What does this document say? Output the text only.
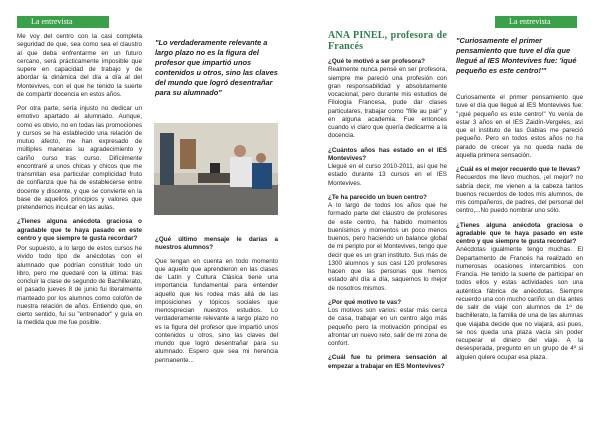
La entrevista	La entrevista

Me voy del centro con la casi completa seguridad de que, sea como sea el claustro al que deba enfrentarme en un futuro cercano, será prácticamente imposible que supere en capacidad de trabajo y de abordar la dinámica del día a día al del Montevives, con el que he tenido la suerte de compartir docencia en estos años.

Por otra parte, sería injusto no dedicar un emotivo apartado al alumnado. Aunque, como es obvio, no en todas las promociones y cursos se ha establecido una relación de mutuo afecto, me han expresado de múltiples maneras su agradecimiento y cariño curso tras curso. Difícilmente encontraré a unos chicas y chicos que me transmitan esa particular complicidad fruto de confianza que ha de establecerse entre docente y discente, y que se convierte en la base de aquellos principios y valores que pretendemos inculcar en las aulas.

¿Tienes alguna anécdota graciosa o agradable que te haya pasado en este centro y que siempre te gusta recordar?

Por supuesto, a lo largo de estos cursos he vivido todo tipo de anécdotas con el alumnado que podrían constituir todo un libro, pero me quedaré con la última: tras concluir la clase de segundo de Bachillerato, el pasado jueves 8 de junio fui literalmente manteado por los alumnos como colofón de nuestra relación de años. Entiendo que, en cierto sentido, fui su "entrenador" y guía en la medida que me fue posible.

"Lo verdaderamente relevante a largo plazo no es la figura del profesor que impartió unos contenidos u otros, sino las claves del mundo que logró desentrañar para su alumnado"

¿Qué último mensaje le darías a nuestros alumnos?

Que tengan en cuenta en todo momento que aquello que aprendieron en las clases de Latín y Cultura Clásica tiene una importancia fundamental para entender aquello que les rodea más allá de las imposiciones y tópicos sociales que menosprecian nuestros estudios. Lo verdaderamente relevante a largo plazo no es la figura del profesor que impartió unos contenidos u otros, sino las claves del mundo que logró desentrañar para su alumnado. Espero que sea mi herencia permanente...

ANA PINEL, profesora de Francés

¿Qué te motivó a ser profesora?

Realmente nunca pensé en ser profesora, siempre me pareció una profesión con gran responsabilidad y absolutamente vocacional, pero durante mis estudios de Filología Francesa, pude dar clases particulares, trabajar como "fille au pair" y en alguna academia. Fue entonces cuando vi claro que quería dedicarme a la docencia.

¿Cuántos años has estado en el IES Montevives?

Llegué en el curso 2010-2011, así que he estado durante 13 cursos en el IES Montevives.

¿Te ha parecido un buen centro?

A lo largo de todos los años que he formado parte del claustro de profesores de este centro, ha habido momentos buenísimos y momentos un poco menos buenos, pero haciendo un balance global de mi periplo por el Montevives, tengo que decir que es un gran instituto. Sus más de 1300 alumnos y sus casi 120 profesores hacen que las personas que hemos estado ahí día a día, saquemos lo mejor de nosotros mismos.

¿Por qué motivo te vas?

Los motivos son varios: estar más cerca de casa, trabajar en un centro algo más pequeño pero la motivación principal es afrontar un nuevo reto, salir de mi zona de confort.

¿Cuál fue tu primera sensación al empezar a trabajar en IES Montevives?

"Curiosamente el primer pensamiento que tuve el día que llegué al IES Montevives fue: 'iqué pequeño es este centro!'"

Curiosamente el primer pensamiento que tuve el día que llegué al IES Montevives fue: "¡qué pequeño es este centro!" Yo venía de estar 3 años en el IES Zaidín-Vergeles, así que el instituto de las Gabias me pareció pequeño. Pero en todos estos años no ha parado de crecer ya no queda nada de aquella primera sensación.

¿Cuál es el mejor recuerdo que te llevas?

Recuerdos me llevo muchos, ¡el mejor? no sabría decir, me vienen a la cabeza tantos buenos recuerdos de todos mis alumnos, de mis compañeros, de padres, del personal del centro,...No puedo nombrar uno sólo.

¿Tienes alguna anécdota graciosa o agradable que te haya pasado en este centro y que siempre te gusta recordar?

Anécdotas igualmente tengo muchas. El Departamento de Francés ha realizado en numerosas ocasiones intercambios con Francia. He tenido la suerte de participar en todos ellos y estas actividades son una auténtica fábrica de anécdotas. Siempre recuerdo una con mucho cariño: un día antes de salir de viaje con alumnos de 1º de bachillerato, la familia de una de las alumnas que viajaba decide que no viajará, así pues, se nos queda una plaza vacía sin poder recuperar el dinero del viaje. A la desesperada, pregunto en un grupo de 4º si alguien quiere ocupar esa plaza.
